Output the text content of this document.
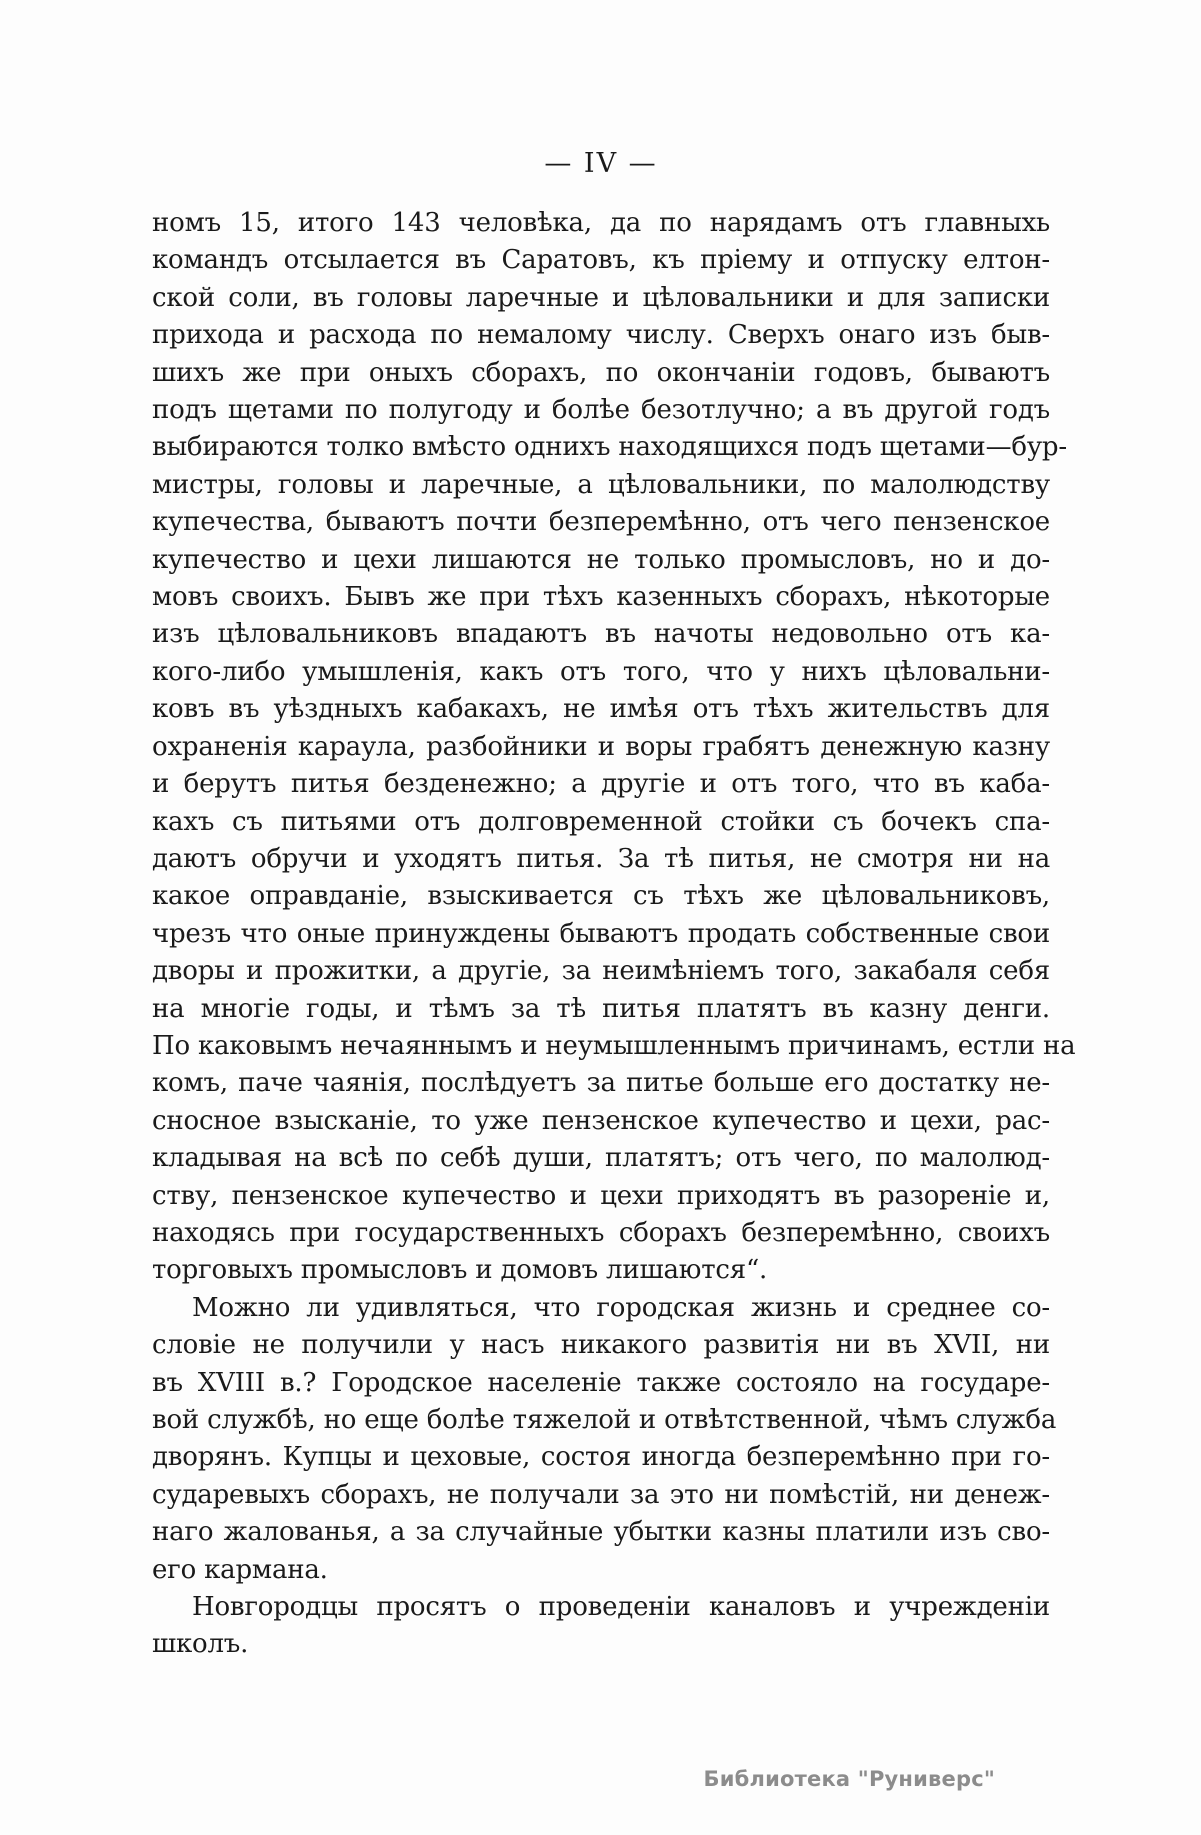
— IV —
номъ 15, итого 143 человѣка, да по нарядамъ отъ главныхь
командъ отсылается въ Саратовъ, къ пріему и отпуску елтон-
ской соли, въ головы ларечные и цѣловальники и для записки
прихода и расхода по немалому числу. Сверхъ онаго изъ быв-
шихъ же при оныхъ сборахъ, по окончаніи годовъ, бываютъ
подъ щетами по полугоду и болѣе безотлучно; а въ другой годъ
выбираются толко вмѣсто однихъ находящихся подъ щетами—бур-
мистры, головы и ларечные, а цѣловальники, по малолюдству
купечества, бываютъ почти безперемѣнно, отъ чего пензенское
купечество и цехи лишаются не только промысловъ, но и до-
мовъ своихъ. Бывъ же при тѣхъ казенныхъ сборахъ, нѣкоторые
изъ цѣловальниковъ впадаютъ въ начоты недовольно отъ ка-
кого-либо умышленія, какъ отъ того, что у нихъ цѣловальни-
ковъ въ уѣздныхъ кабакахъ, не имѣя отъ тѣхъ жительствъ для
охраненія караула, разбойники и воры грабятъ денежную казну
и берутъ питья безденежно; а другіе и отъ того, что въ каба-
кахъ съ питьями отъ долговременной стойки съ бочекъ спа-
даютъ обручи и уходятъ питья. За тѣ питья, не смотря ни на
какое оправданіе, взыскивается съ тѣхъ же цѣловальниковъ,
чрезъ что оные принуждены бываютъ продать собственные свои
дворы и прожитки, а другіе, за неимѣніемъ того, закабаля себя
на многіе годы, и тѣмъ за тѣ питья платятъ въ казну денги.
По каковымъ нечаяннымъ и неумышленнымъ причинамъ, естли на
комъ, паче чаянія, послѣдуетъ за питье больше его достатку не-
сносное взысканіе, то уже пензенское купечество и цехи, рас-
кладывая на всѣ по себѣ души, платятъ; отъ чего, по малолюд-
ству, пензенское купечество и цехи приходятъ въ разореніе и,
находясь при государственныхъ сборахъ безперемѣнно, своихъ
торговыхъ промысловъ и домовъ лишаются“.
Можно ли удивляться, что городская жизнь и среднее со-
словіе не получили у насъ никакого развитія ни въ XVII, ни
въ XVIII в.? Городское населеніе также состояло на государе-
вой службѣ, но еще болѣе тяжелой и отвѣтственной, чѣмъ служба
дворянъ. Купцы и цеховые, состоя иногда безперемѣнно при го-
сударевыхъ сборахъ, не получали за это ни помѣстій, ни денеж-
наго жалованья, а за случайные убытки казны платили изъ сво-
его кармана.
Новгородцы просятъ о проведеніи каналовъ и учрежденіи
школъ.
Библиотека "Руниверс"
